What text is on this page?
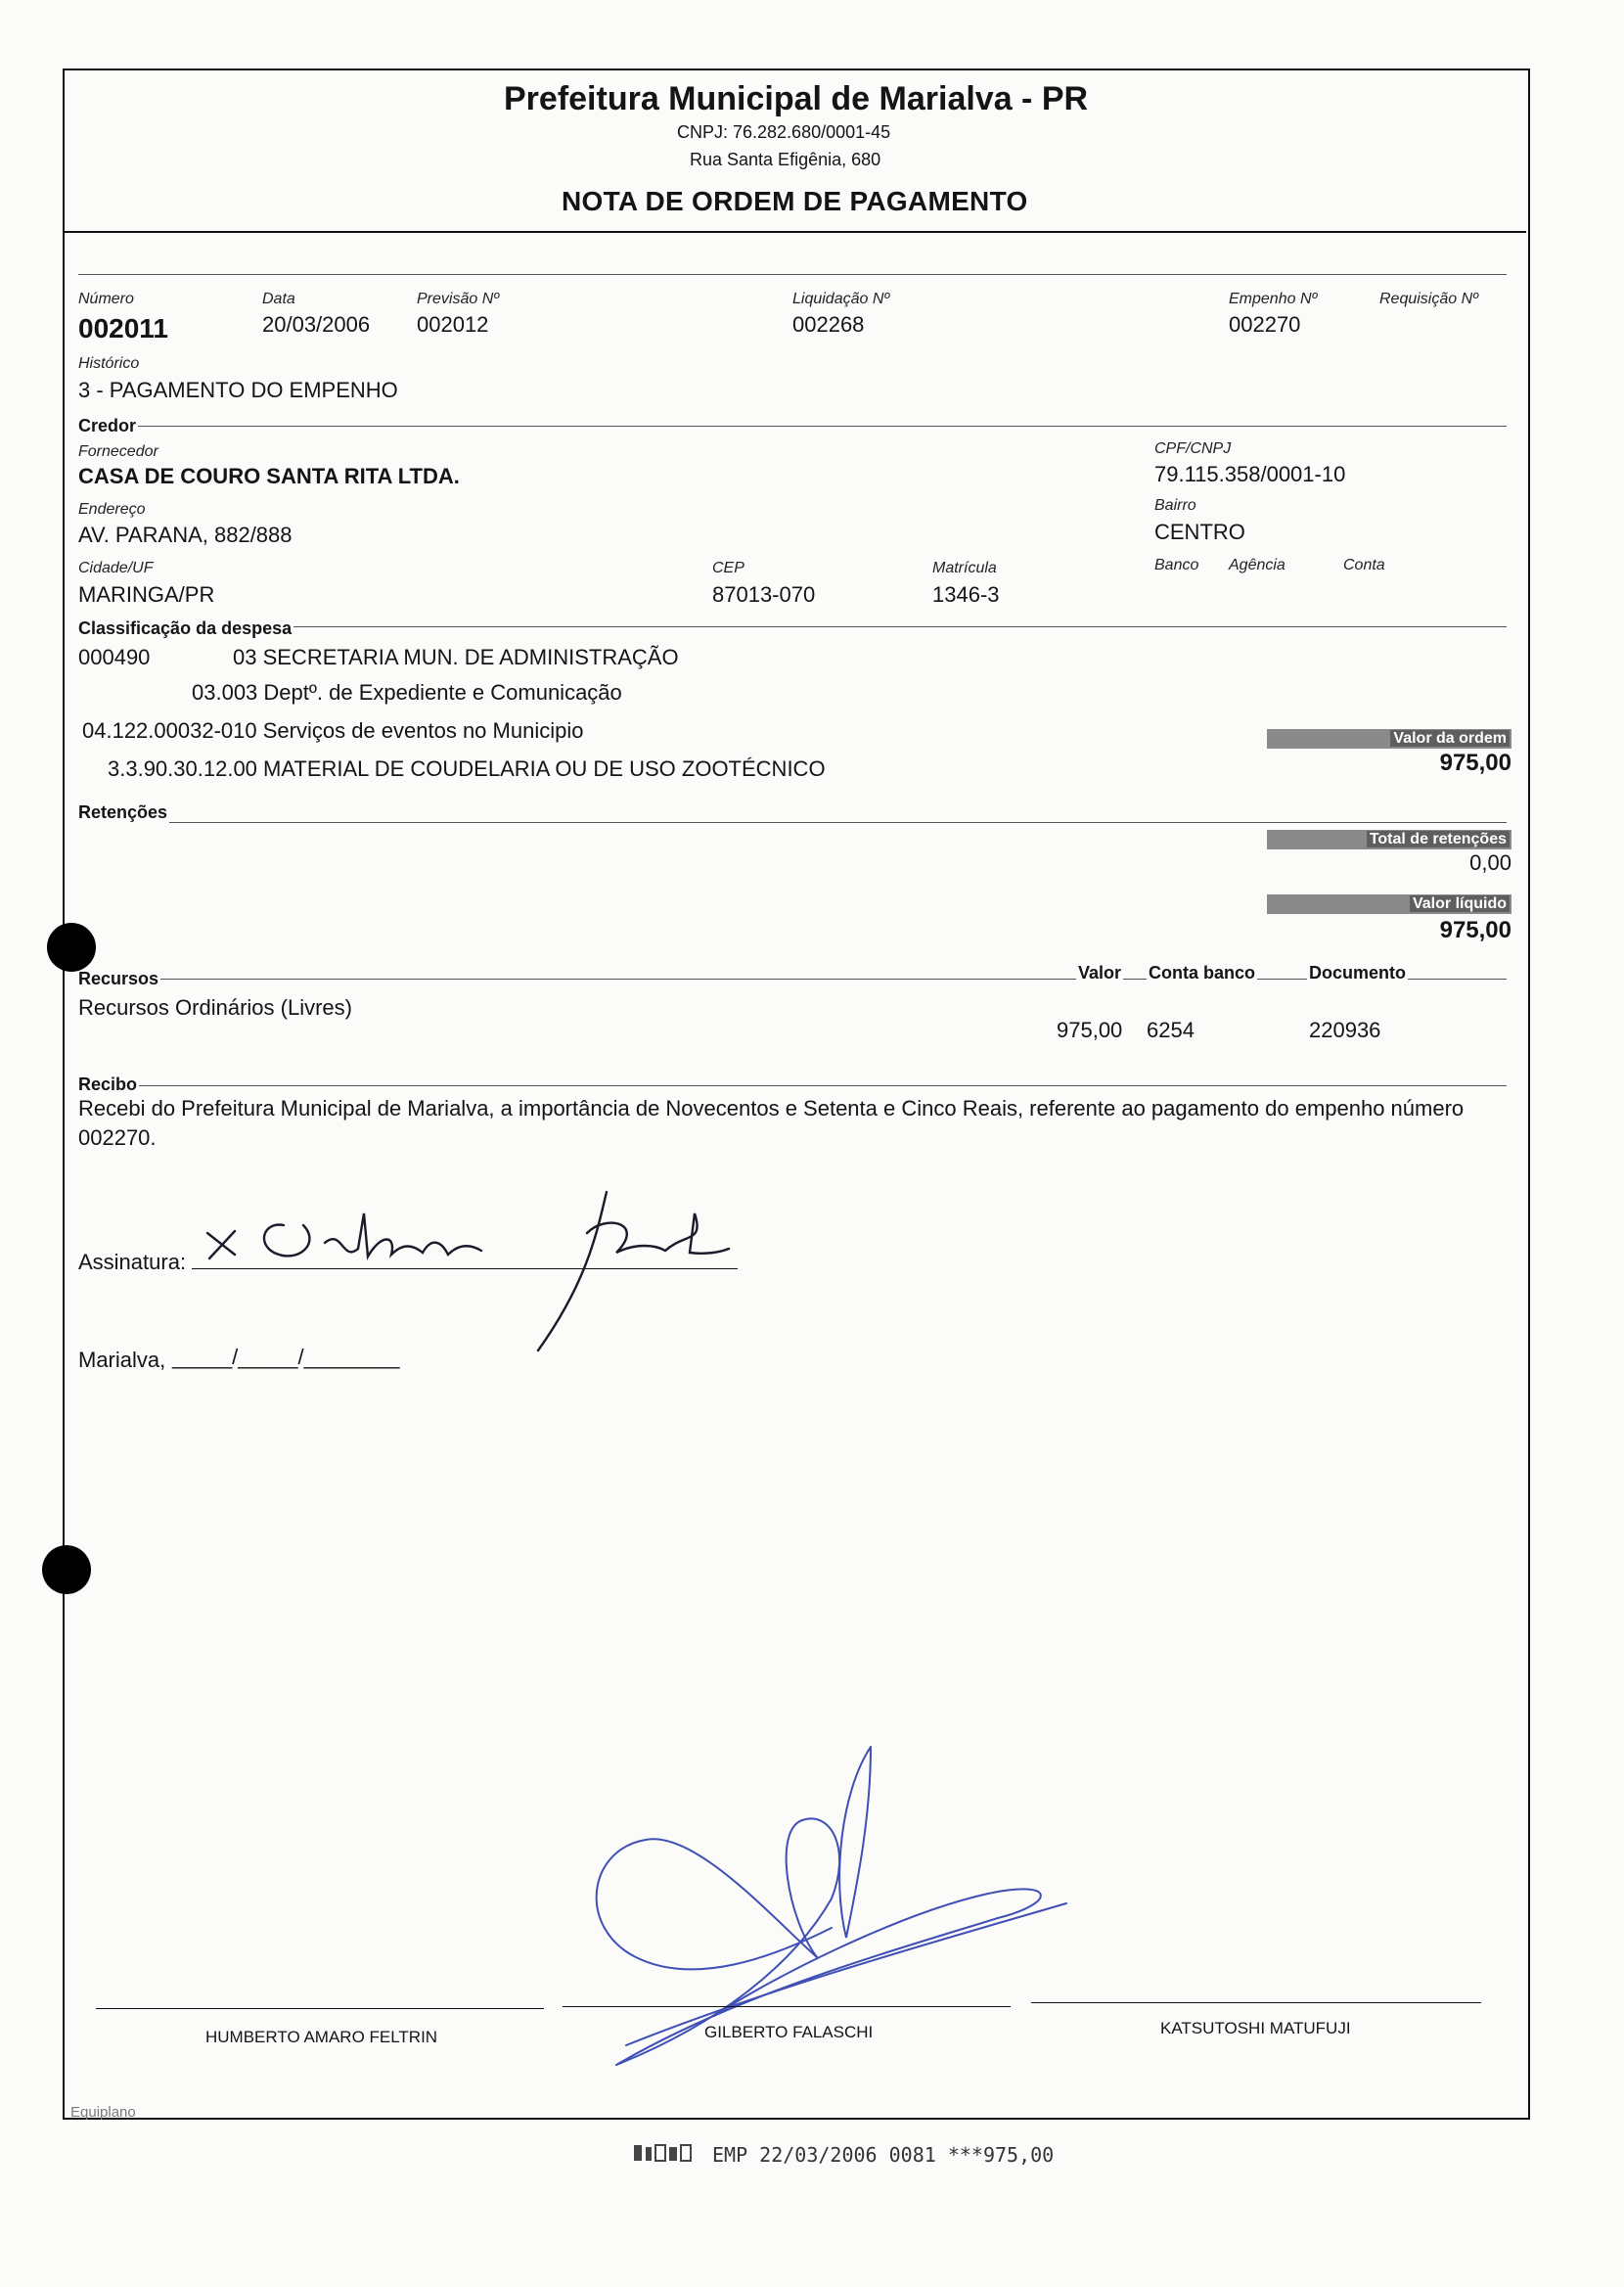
Prefeitura Municipal de Marialva - PR
CNPJ: 76.282.680/0001-45
Rua Santa Efigênia, 680
NOTA DE ORDEM DE PAGAMENTO
Número
002011
Data
20/03/2006
Previsão Nº
002012
Liquidação Nº
002268
Empenho Nº
002270
Requisição Nº
Histórico
3 - PAGAMENTO DO EMPENHO
Credor
Fornecedor
CASA DE COURO SANTA RITA LTDA.
CPF/CNPJ
79.115.358/0001-10
Endereço
AV. PARANA, 882/888
Bairro
CENTRO
Cidade/UF
MARINGA/PR
CEP
87013-070
Matrícula
1346-3
Banco Agência	Conta
Classificação da despesa
000490	03 SECRETARIA MUN. DE ADMINISTRAÇÃO
03.003 Deptº. de Expediente e Comunicação
04.122.00032-010 Serviços de eventos no Municipio
3.3.90.30.12.00 MATERIAL DE COUDELARIA OU DE USO ZOOTÉCNICO
Valor da ordem
975,00
Retenções
Total de retenções
0,00
Valor líquido
975,00
Recursos	Valor Conta banco	Documento
Recursos Ordinários (Livres)
975,00 6254	220936
Recibo
Recebi do Prefeitura Municipal de Marialva, a importância de Novecentos e Setenta e Cinco Reais, referente ao pagamento do empenho número
002270.
Assinatura:
Marialva, _____/_____/________
HUMBERTO AMARO FELTRIN	GILBERTO FALASCHI	KATSUTOSHI MATUFUJI
Equiplano
EMP 22/03/2006 0081 ***975,00
